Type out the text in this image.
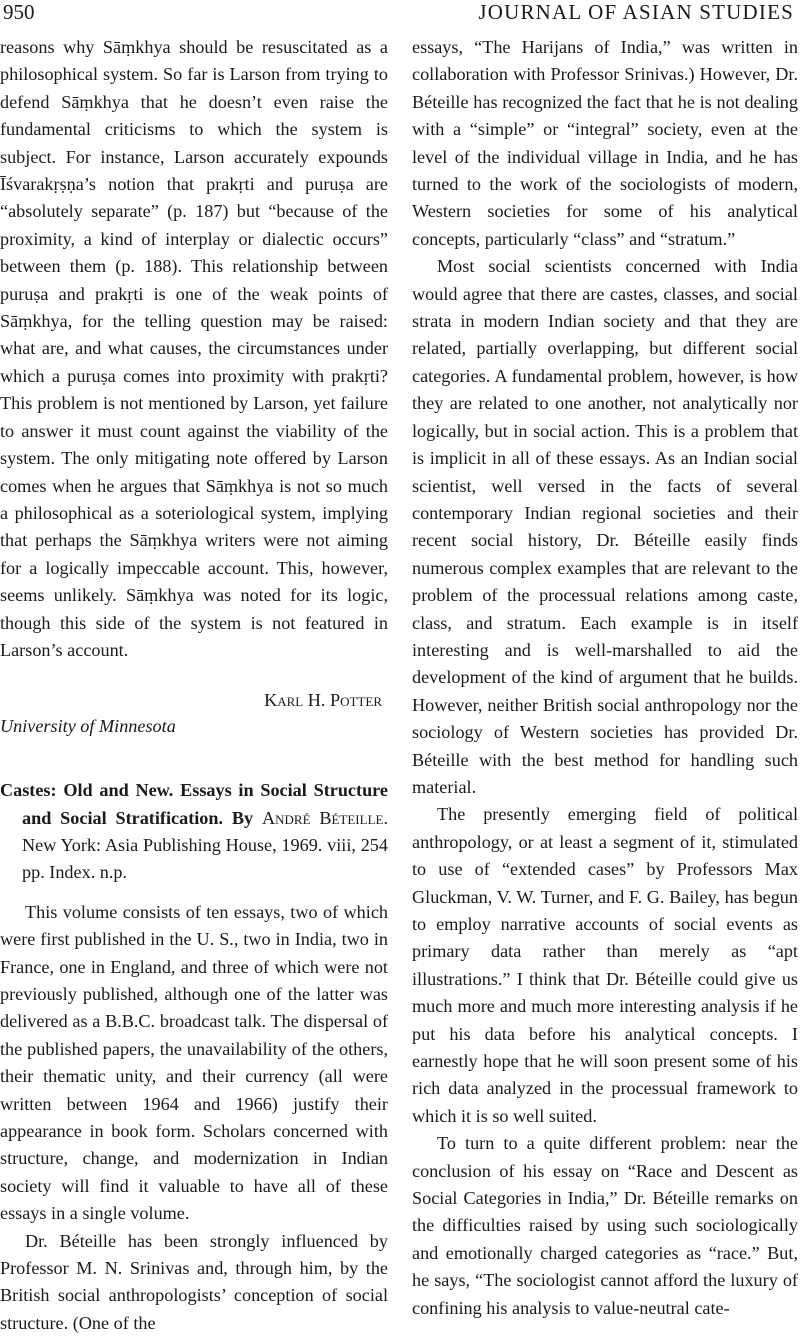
950	JOURNAL OF ASIAN STUDIES

reasons why Sāṃkhya should be resuscitated as a philosophical system. So far is Larson from trying to defend Sāṃkhya that he doesn’t even raise the fundamental criticisms to which the system is subject. For instance, Larson accurately expounds Īśvarakṛṣṇa’s notion that prakṛti and puruṣa are “absolutely separate” (p. 187) but “because of the proximity, a kind of interplay or dialectic occurs” between them (p. 188). This relationship between puruṣa and prakṛti is one of the weak points of Sāṃkhya, for the telling question may be raised: what are, and what causes, the circumstances under which a puruṣa comes into proximity with prakṛti? This problem is not mentioned by Larson, yet failure to answer it must count against the viability of the system. The only mitigating note offered by Larson comes when he argues that Sāṃkhya is not so much a philosophical as a soteriological system, implying that perhaps the Sāṃkhya writers were not aiming for a logically impeccable account. This, however, seems unlikely. Sāṃkhya was noted for its logic, though this side of the system is not featured in Larson’s account.

Karl H. Potter

University of Minnesota

Castes: Old and New. Essays in Social Structure and Social Stratification. By André Béteille. New York: Asia Publishing House, 1969. viii, 254 pp. Index. n.p.

This volume consists of ten essays, two of which were first published in the U. S., two in India, two in France, one in England, and three of which were not previously published, although one of the latter was delivered as a B.B.C. broadcast talk. The dispersal of the published papers, the unavailability of the others, their thematic unity, and their currency (all were written between 1964 and 1966) justify their appearance in book form. Scholars concerned with structure, change, and modernization in Indian society will find it valuable to have all of these essays in a single volume.

Dr. Béteille has been strongly influenced by Professor M. N. Srinivas and, through him, by the British social anthropologists’ conception of social structure. (One of the

essays, “The Harijans of India,” was written in collaboration with Professor Srinivas.) However, Dr. Béteille has recognized the fact that he is not dealing with a “simple” or “integral” society, even at the level of the individual village in India, and he has turned to the work of the sociologists of modern, Western societies for some of his analytical concepts, particularly “class” and “stratum.”

Most social scientists concerned with India would agree that there are castes, classes, and social strata in modern Indian society and that they are related, partially overlapping, but different social categories. A fundamental problem, however, is how they are related to one another, not analytically nor logically, but in social action. This is a problem that is implicit in all of these essays. As an Indian social scientist, well versed in the facts of several contemporary Indian regional societies and their recent social history, Dr. Béteille easily finds numerous complex examples that are relevant to the problem of the processual relations among caste, class, and stratum. Each example is in itself interesting and is well-marshalled to aid the development of the kind of argument that he builds. However, neither British social anthropology nor the sociology of Western societies has provided Dr. Béteille with the best method for handling such material.

The presently emerging field of political anthropology, or at least a segment of it, stimulated to use of “extended cases” by Professors Max Gluckman, V. W. Turner, and F. G. Bailey, has begun to employ narrative accounts of social events as primary data rather than merely as “apt illustrations.” I think that Dr. Béteille could give us much more and much more interesting analysis if he put his data before his analytical concepts. I earnestly hope that he will soon present some of his rich data analyzed in the processual framework to which it is so well suited.

To turn to a quite different problem: near the conclusion of his essay on “Race and Descent as Social Categories in India,” Dr. Béteille remarks on the difficulties raised by using such sociologically and emotionally charged categories as “race.” But, he says, “The sociologist cannot afford the luxury of confining his analysis to value-neutral cate-
